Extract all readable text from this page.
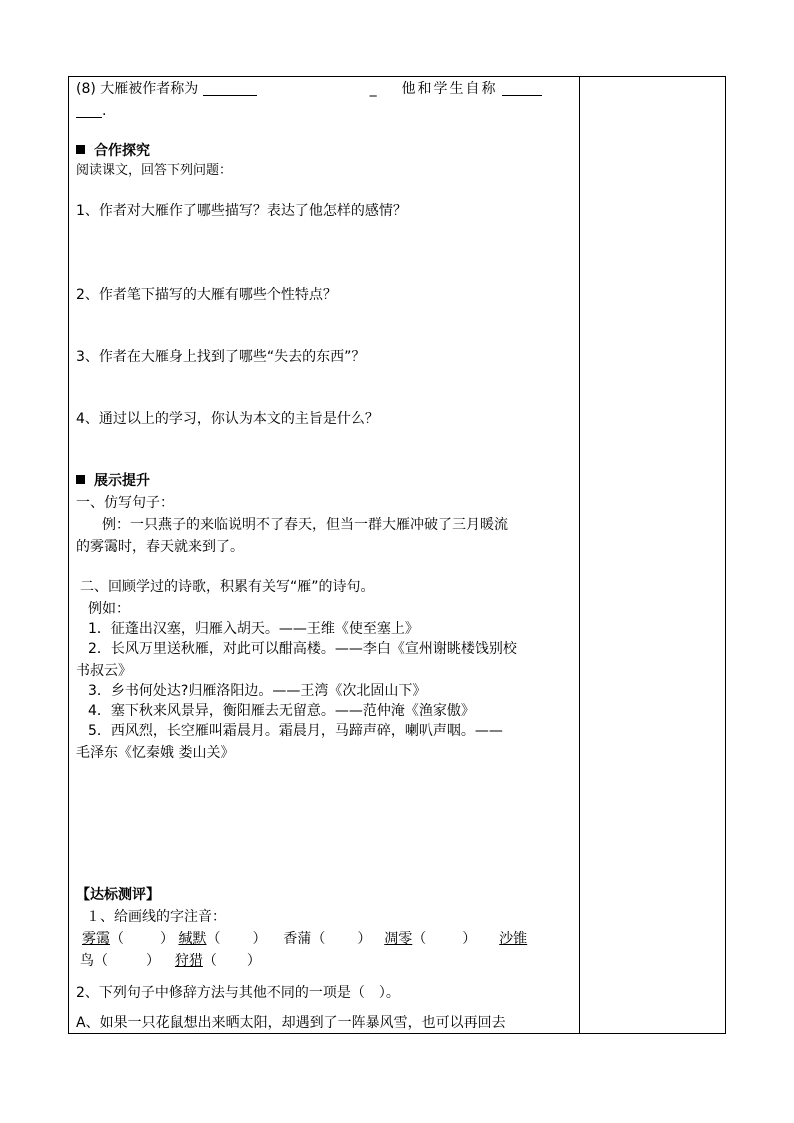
(8) 大雁被作者称为	_ 他和学生自称
.
合作探究
阅读课文，回答下列问题：
1、作者对大雁作了哪些描写？表达了他怎样的感情？
2、作者笔下描写的大雁有哪些个性特点？
3、作者在大雁身上找到了哪些“失去的东西”？
4、通过以上的学习，你认为本文的主旨是什么？
展示提升
一、仿写句子：
例：一只燕子的来临说明不了春天，但当一群大雁冲破了三月暖流
的雾霭时，春天就来到了。
二、回顾学过的诗歌，积累有关写“雁”的诗句。
例如：
1．征蓬出汉塞，归雁入胡天。——王维《使至塞上》
2．长风万里送秋雁，对此可以酣高楼。——李白《宣州谢眺楼饯别校
书叔云》
3．乡书何处达?归雁洛阳边。——王湾《次北固山下》
4．塞下秋来风景异，衡阳雁去无留意。——范仲淹《渔家傲》
5．西风烈，长空雁叫霜晨月。霜晨月，马蹄声碎，喇叭声咽。——
毛泽东《忆秦娥 娄山关》
【达标测评】
１、给画线的字注音：
雾霭（	） 缄默（ ） 香蒲（ ） 凋零（	） 沙锥
鸟（	） 狩猎（ ）
2、下列句子中修辞方法与其他不同的一项是（　）。
A、如果一只花鼠想出来晒太阳，却遇到了一阵暴风雪，也可以再回去
